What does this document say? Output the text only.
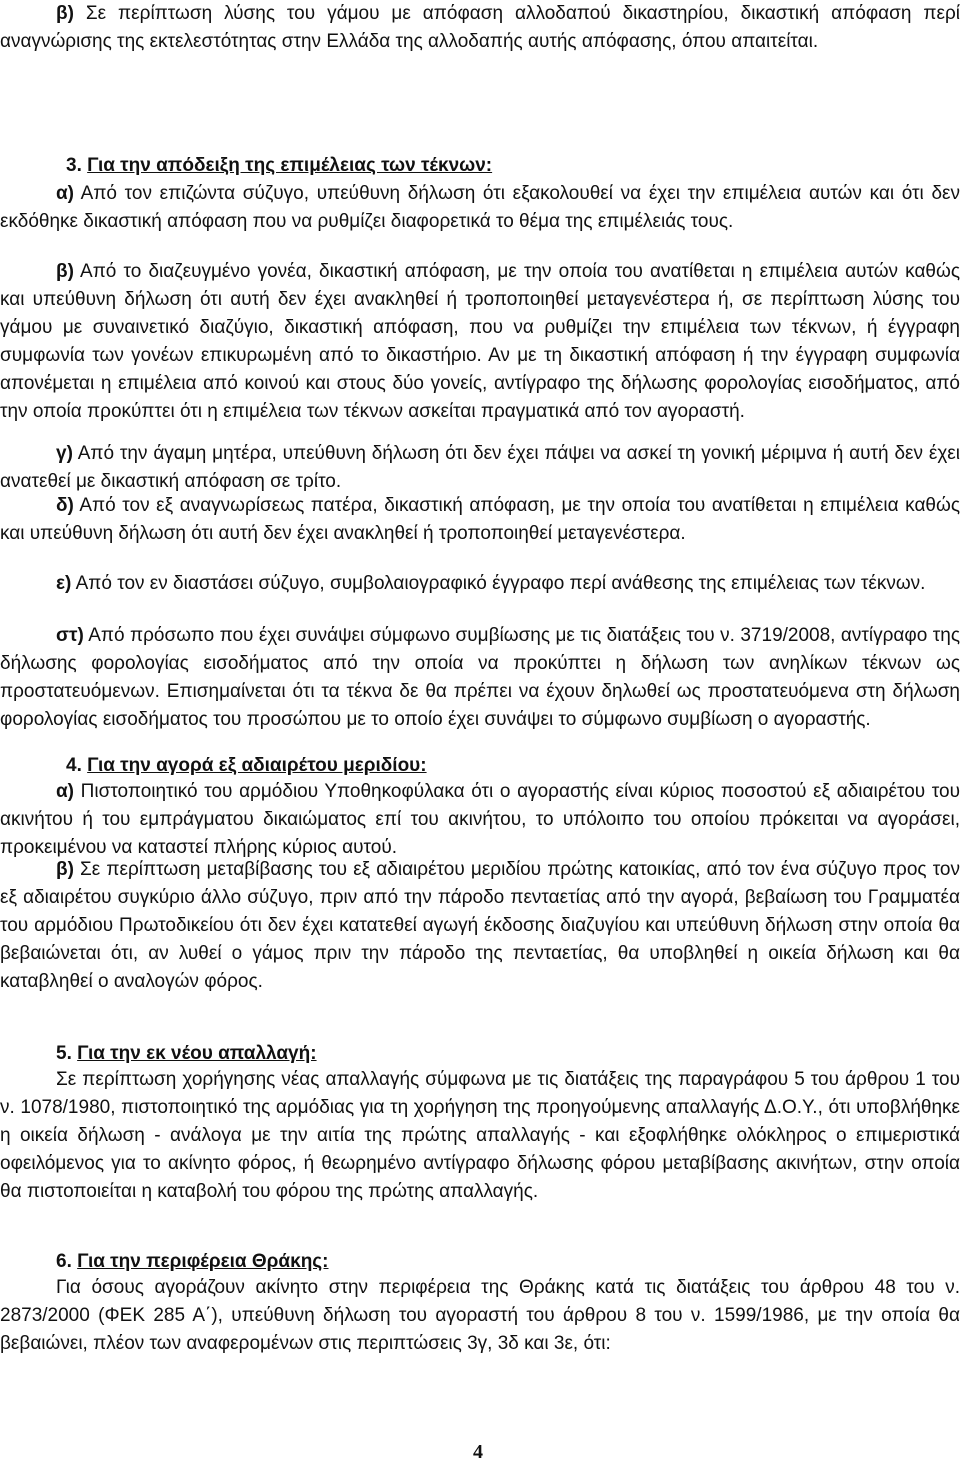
β) Σε περίπτωση λύσης του γάμου με απόφαση αλλοδαπού δικαστηρίου, δικαστική απόφαση περί αναγνώρισης της εκτελεστότητας στην Ελλάδα της αλλοδαπής αυτής απόφασης, όπου απαιτείται.

3. Για την απόδειξη της επιμέλειας των τέκνων:

α) Από τον επιζώντα σύζυγο, υπεύθυνη δήλωση ότι εξακολουθεί να έχει την επιμέλεια αυτών και ότι δεν εκδόθηκε δικαστική απόφαση που να ρυθμίζει διαφορετικά το θέμα της επιμέλειάς τους.

β) Από το διαζευγμένο γονέα, δικαστική απόφαση, με την οποία του ανατίθεται η επιμέλεια αυτών καθώς και υπεύθυνη δήλωση ότι αυτή δεν έχει ανακληθεί ή τροποποιηθεί μεταγενέστερα ή, σε περίπτωση λύσης του γάμου με συναινετικό διαζύγιο, δικαστική απόφαση, που να ρυθμίζει την επιμέλεια των τέκνων, ή έγγραφη συμφωνία των γονέων επικυρωμένη από το δικαστήριο. Αν με τη δικαστική απόφαση ή την έγγραφη συμφωνία απονέμεται η επιμέλεια από κοινού και στους δύο γονείς, αντίγραφο της δήλωσης φορολογίας εισοδήματος, από την οποία προκύπτει ότι η επιμέλεια των τέκνων ασκείται πραγματικά από τον αγοραστή.

γ) Από την άγαμη μητέρα, υπεύθυνη δήλωση ότι δεν έχει πάψει να ασκεί τη γονική μέριμνα ή αυτή δεν έχει ανατεθεί με δικαστική απόφαση σε τρίτο.

δ) Από τον εξ αναγνωρίσεως πατέρα, δικαστική απόφαση, με την οποία του ανατίθεται η επιμέλεια καθώς και υπεύθυνη δήλωση ότι αυτή δεν έχει ανακληθεί ή τροποποιηθεί μεταγενέστερα.

ε) Από τον εν διαστάσει σύζυγο, συμβολαιογραφικό έγγραφο περί ανάθεσης της επιμέλειας των τέκνων.

στ) Από πρόσωπο που έχει συνάψει σύμφωνο συμβίωσης με τις διατάξεις του ν. 3719/2008, αντίγραφο της δήλωσης φορολογίας εισοδήματος από την οποία να προκύπτει η δήλωση των ανηλίκων τέκνων ως προστατευόμενων. Επισημαίνεται ότι τα τέκνα δε θα πρέπει να έχουν δηλωθεί ως προστατευόμενα στη δήλωση φορολογίας εισοδήματος του προσώπου με το οποίο έχει συνάψει το σύμφωνο συμβίωση ο αγοραστής.

4. Για την αγορά εξ αδιαιρέτου μεριδίου:

α) Πιστοποιητικό του αρμόδιου Υποθηκοφύλακα ότι ο αγοραστής είναι κύριος ποσοστού εξ αδιαιρέτου του ακινήτου ή του εμπράγματου δικαιώματος επί του ακινήτου, το υπόλοιπο του οποίου πρόκειται να αγοράσει, προκειμένου να καταστεί πλήρης κύριος αυτού.

β) Σε περίπτωση μεταβίβασης του εξ αδιαιρέτου μεριδίου πρώτης κατοικίας, από τον ένα σύζυγο προς τον εξ αδιαιρέτου συγκύριο άλλο σύζυγο, πριν από την πάροδο πενταετίας από την αγορά, βεβαίωση του Γραμματέα του αρμόδιου Πρωτοδικείου ότι δεν έχει κατατεθεί αγωγή έκδοσης διαζυγίου και υπεύθυνη δήλωση στην οποία θα βεβαιώνεται ότι, αν λυθεί ο γάμος πριν την πάροδο της πενταετίας, θα υποβληθεί η οικεία δήλωση και θα καταβληθεί ο αναλογών φόρος.

5. Για την εκ νέου απαλλαγή:

Σε περίπτωση χορήγησης νέας απαλλαγής σύμφωνα με τις διατάξεις της παραγράφου 5 του άρθρου 1 του ν. 1078/1980, πιστοποιητικό της αρμόδιας για τη χορήγηση της προηγούμενης απαλλαγής Δ.Ο.Υ., ότι υποβλήθηκε η οικεία δήλωση - ανάλογα με την αιτία της πρώτης απαλλαγής - και εξοφλήθηκε ολόκληρος ο επιμεριστικά οφειλόμενος για το ακίνητο φόρος, ή θεωρημένο αντίγραφο δήλωσης φόρου μεταβίβασης ακινήτων, στην οποία θα πιστοποιείται η καταβολή του φόρου της πρώτης απαλλαγής.

6. Για την περιφέρεια Θράκης:

Για όσους αγοράζουν ακίνητο στην περιφέρεια της Θράκης κατά τις διατάξεις του άρθρου 48 του ν. 2873/2000 (ΦΕΚ 285 Α΄), υπεύθυνη δήλωση του αγοραστή του άρθρου 8 του ν. 1599/1986, με την οποία θα βεβαιώνει, πλέον των αναφερομένων στις περιπτώσεις 3γ, 3δ και 3ε, ότι:

4
